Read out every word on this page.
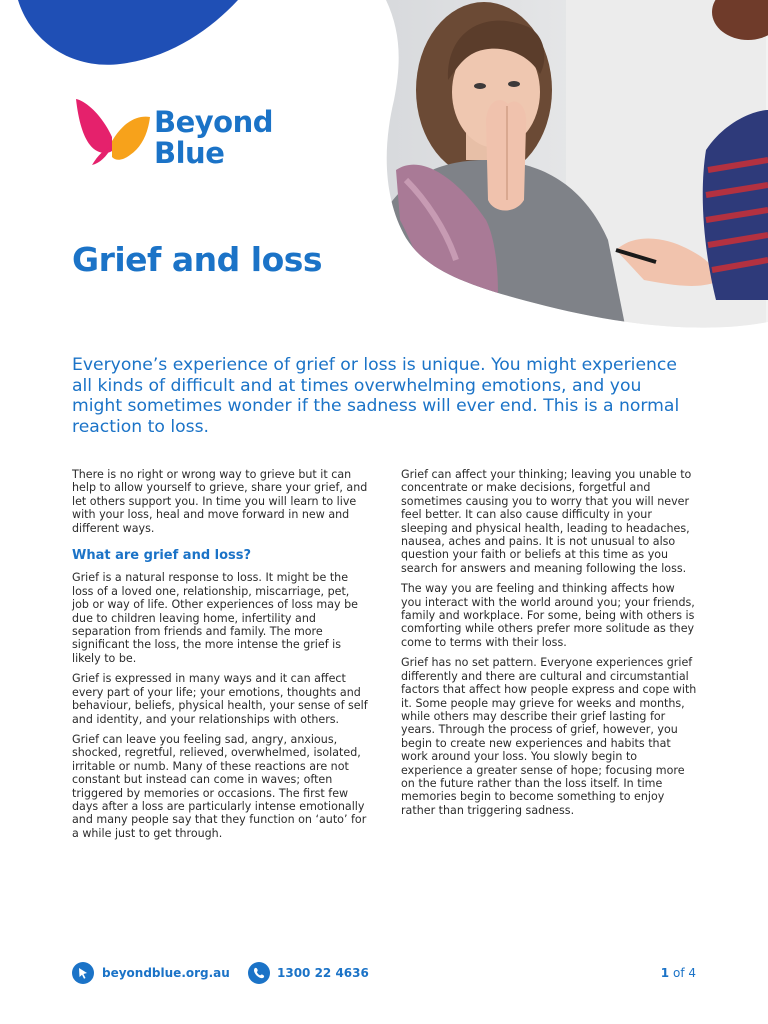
Beyond
Blue
Grief and loss

Everyone’s experience of grief or loss is unique. You might experience all kinds of difficult and at times overwhelming emotions, and you might sometimes wonder if the sadness will ever end. This is a normal reaction to loss.

There is no right or wrong way to grieve but it can help to allow yourself to grieve, share your grief, and let others support you. In time you will learn to live with your loss, heal and move forward in new and different ways.

What are grief and loss?

Grief is a natural response to loss. It might be the loss of a loved one, relationship, miscarriage, pet, job or way of life. Other experiences of loss may be due to children leaving home, infertility and separation from friends and family. The more significant the loss, the more intense the grief is likely to be.

Grief is expressed in many ways and it can affect every part of your life; your emotions, thoughts and behaviour, beliefs, physical health, your sense of self and identity, and your relationships with others.

Grief can leave you feeling sad, angry, anxious, shocked, regretful, relieved, overwhelmed, isolated, irritable or numb. Many of these reactions are not constant but instead can come in waves; often triggered by memories or occasions. The first few days after a loss are particularly intense emotionally and many people say that they function on ‘auto’ for a while just to get through.

Grief can affect your thinking; leaving you unable to concentrate or make decisions, forgetful and sometimes causing you to worry that you will never feel better. It can also cause difficulty in your sleeping and physical health, leading to headaches, nausea, aches and pains. It is not unusual to also question your faith or beliefs at this time as you search for answers and meaning following the loss.

The way you are feeling and thinking affects how you interact with the world around you; your friends, family and workplace. For some, being with others is comforting while others prefer more solitude as they come to terms with their loss.

Grief has no set pattern. Everyone experiences grief differently and there are cultural and circumstantial factors that affect how people express and cope with it. Some people may grieve for weeks and months, while others may describe their grief lasting for years. Through the process of grief, however, you begin to create new experiences and habits that work around your loss. You slowly begin to experience a greater sense of hope; focusing more on the future rather than the loss itself. In time memories begin to become something to enjoy rather than triggering sadness.

beyondblue.org.au	1300 22 4636	1 of 4
